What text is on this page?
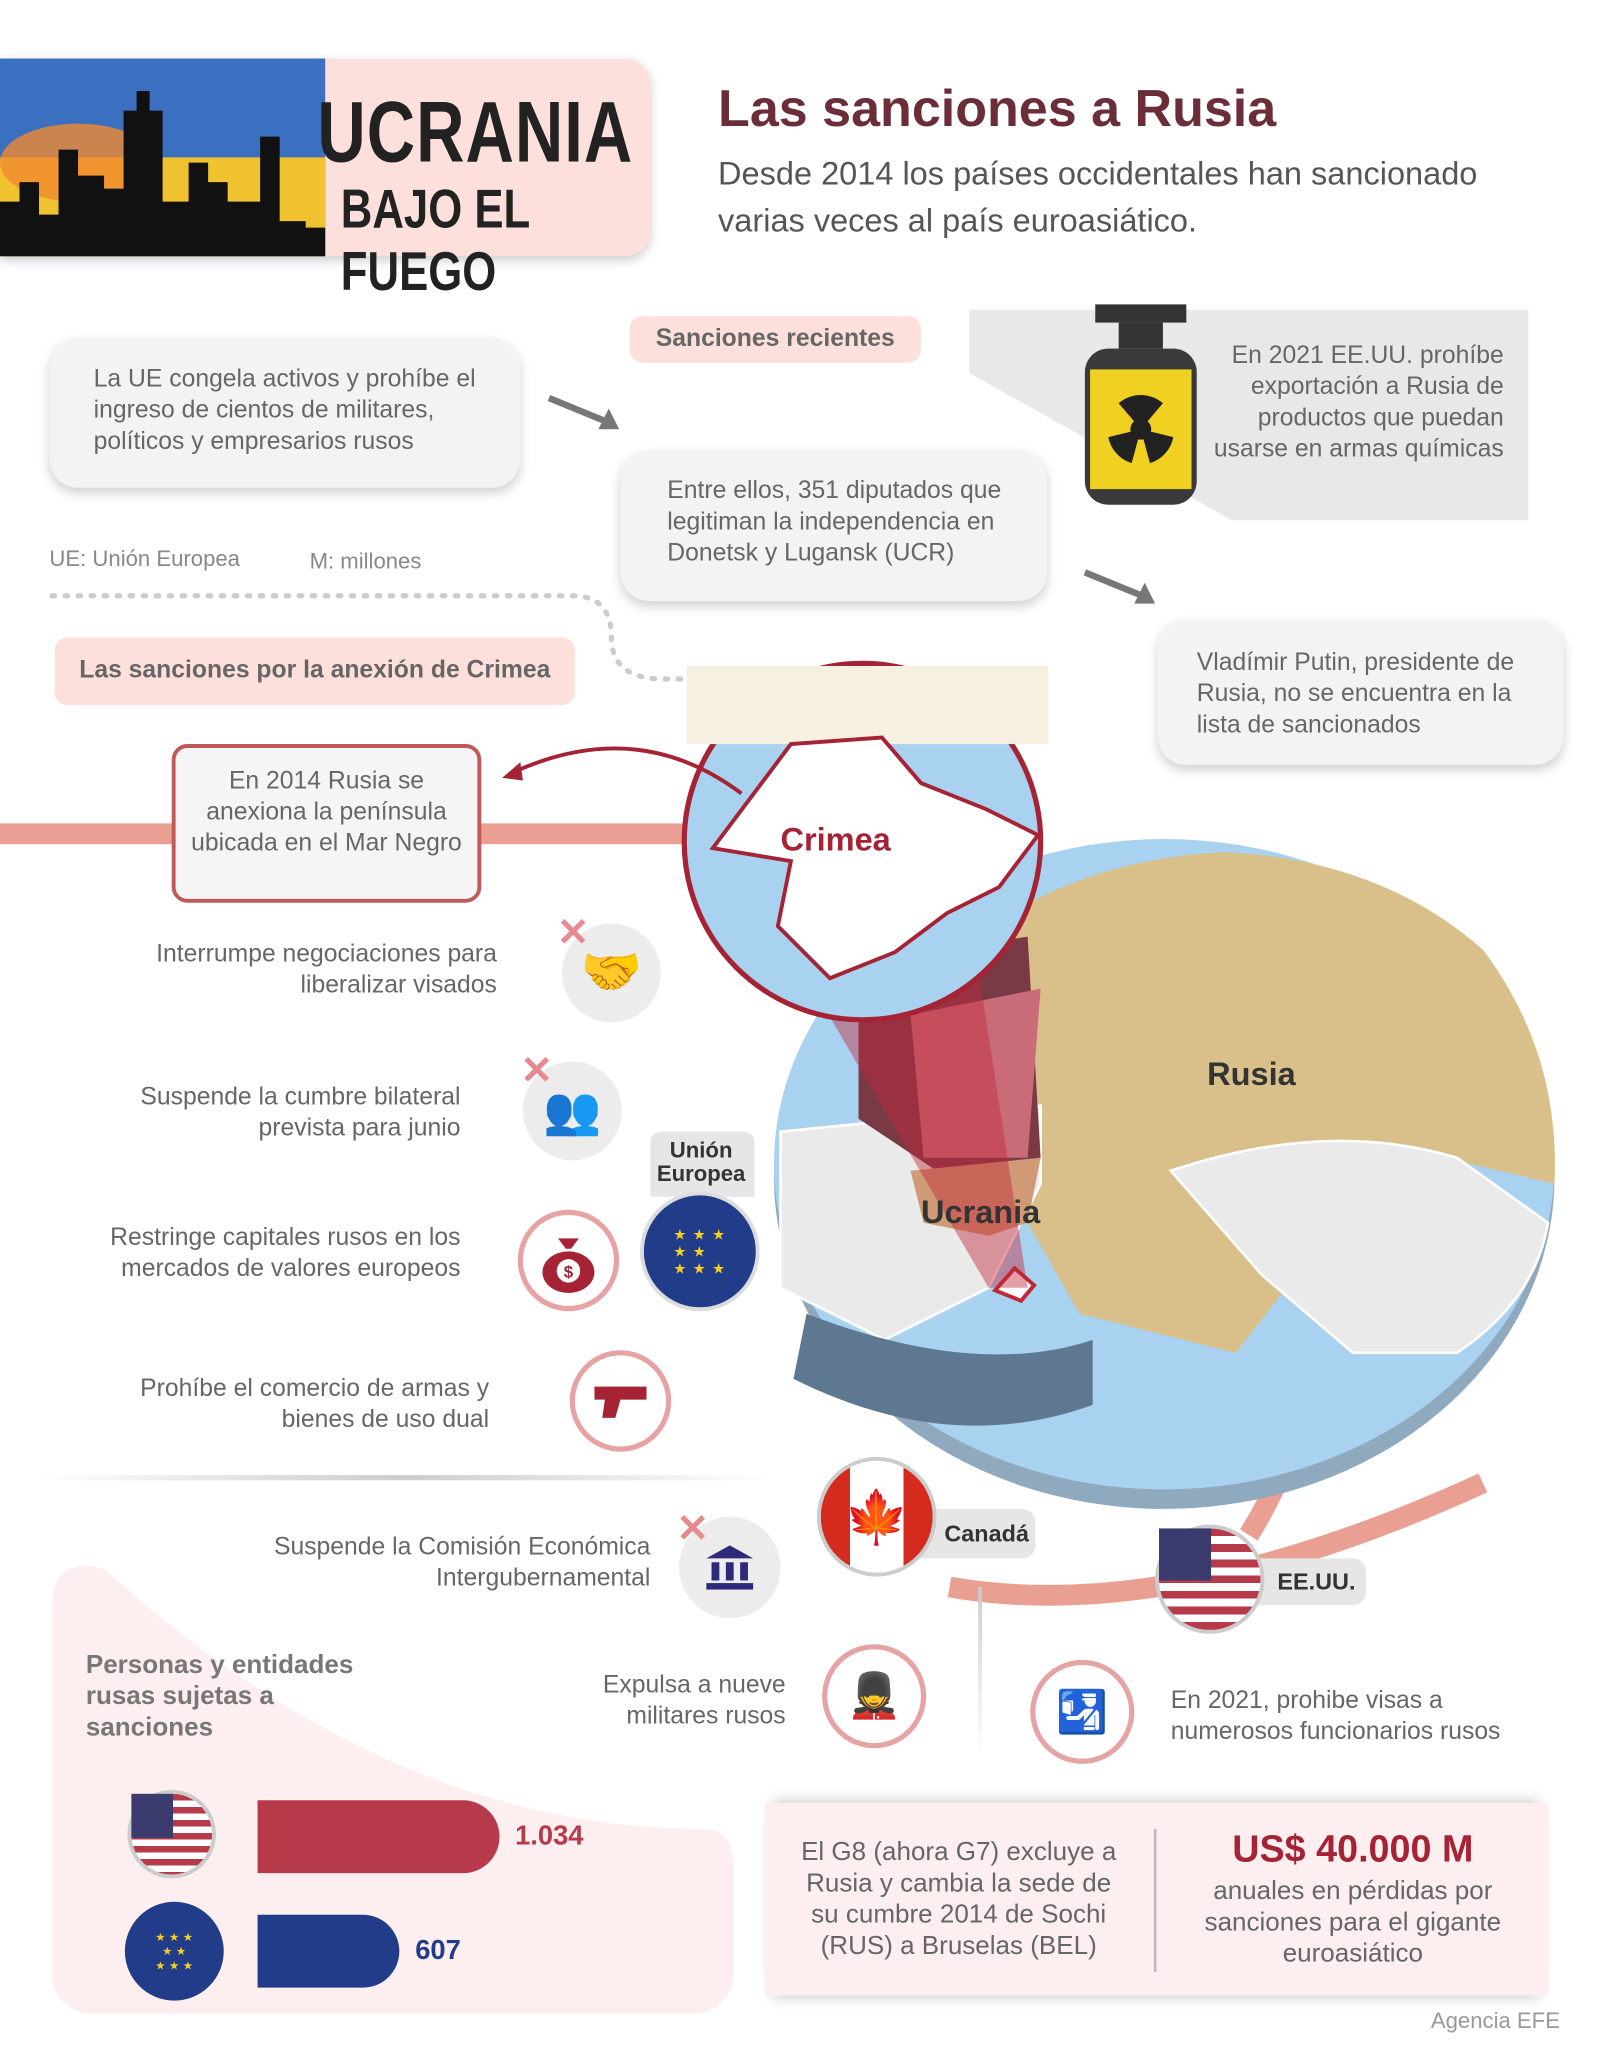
UCRANIA
BAJO EL FUEGO
Las sanciones a Rusia
Desde 2014 los países occidentales han sancionado varias veces al país euroasiático.
Sanciones recientes
La UE congela activos y prohíbe el ingreso de cientos de militares, políticos y empresarios rusos
Entre ellos, 351 diputados que legitiman la independencia en Donetsk y Lugansk (UCR)
En 2021 EE.UU. prohíbe exportación a Rusia de productos que puedan usarse en armas químicas
Vladímir Putin, presidente de Rusia, no se encuentra en la lista de sancionados
UE: Unión Europea	M: millones
Las sanciones por la anexión de Crimea
En 2014 Rusia se anexiona la península ubicada en el Mar Negro
Rusia
Ucrania
Crimea
Interrumpe negociaciones para liberalizar visados	🤝
✕
Suspende la cumbre bilateral prevista para junio	👥
✕
Restringe capitales rusos en los mercados de valores europeos	$
Unión Europea
★ ★ ★
★ ★
★ ★ ★
Prohíbe el comercio de armas y bienes de uso dual
Canadá
🍁
EE.UU.
Suspende la Comisión Económica Intergubernamental
✕
Expulsa a nueve militares rusos	💂	🛂	En 2021, prohibe visas a numerosos funcionarios rusos
Personas y entidades rusas sujetas a sanciones
★ ★ ★
★ ★
★ ★ ★
1.034
607
El G8 (ahora G7) excluye a Rusia y cambia la sede de su cumbre 2014 de Sochi (RUS) a Bruselas (BEL)
US$ 40.000 M
anuales en pérdidas por sanciones para el gigante euroasiático
Agencia EFE
